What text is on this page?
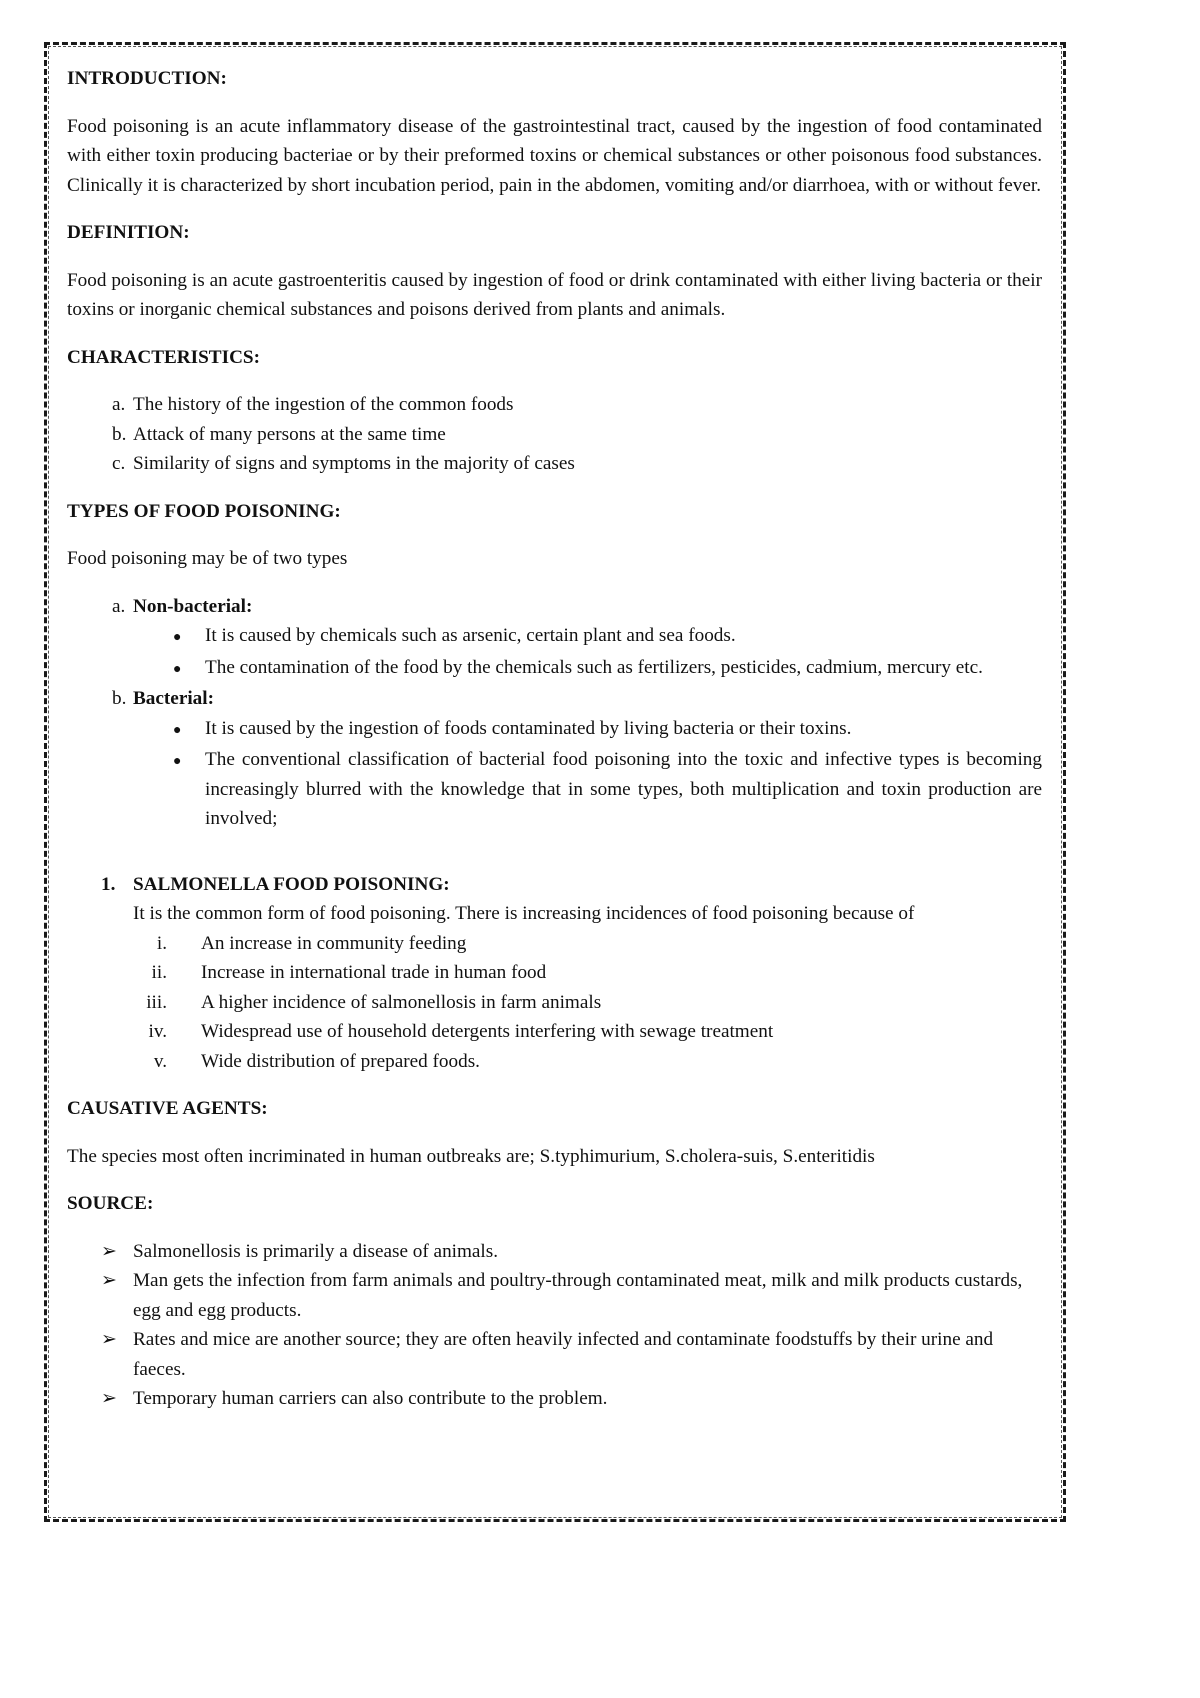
INTRODUCTION:
Food poisoning is an acute inflammatory disease of the gastrointestinal tract, caused by the ingestion of food contaminated with either toxin producing bacteriae or by their preformed toxins or chemical substances or other poisonous food substances. Clinically it is characterized by short incubation period, pain in the abdomen, vomiting and/or diarrhoea, with or without fever.
DEFINITION:
Food poisoning is an acute gastroenteritis caused by ingestion of food or drink contaminated with either living bacteria or their toxins or inorganic chemical substances and poisons derived from plants and animals.
CHARACTERISTICS:
a. The history of the ingestion of the common foods
b. Attack of many persons at the same time
c. Similarity of signs and symptoms in the majority of cases
TYPES OF FOOD POISONING:
Food poisoning may be of two types
a. Non-bacterial:
●	It is caused by chemicals such as arsenic, certain plant and sea foods.
●	The contamination of the food by the chemicals such as fertilizers, pesticides, cadmium, mercury etc.
b. Bacterial:
●	It is caused by the ingestion of foods contaminated by living bacteria or their toxins.
●	The conventional classification of bacterial food poisoning into the toxic and infective types is becoming increasingly blurred with the knowledge that in some types, both multiplication and toxin production are involved;
1. SALMONELLA FOOD POISONING:
It is the common form of food poisoning. There is increasing incidences of food poisoning because of
i.	An increase in community feeding
ii.	Increase in international trade in human food
iii.	A higher incidence of salmonellosis in farm animals
iv.	Widespread use of household detergents interfering with sewage treatment
v.	Wide distribution of prepared foods.
CAUSATIVE AGENTS:
The species most often incriminated in human outbreaks are; S.typhimurium, S.cholera-suis, S.enteritidis
SOURCE:
➢ Salmonellosis is primarily a disease of animals.
➢ Man gets the infection from farm animals and poultry-through contaminated meat, milk and milk products custards, egg and egg products.
➢ Rates and mice are another source; they are often heavily infected and contaminate foodstuffs by their urine and faeces.
➢ Temporary human carriers can also contribute to the problem.
